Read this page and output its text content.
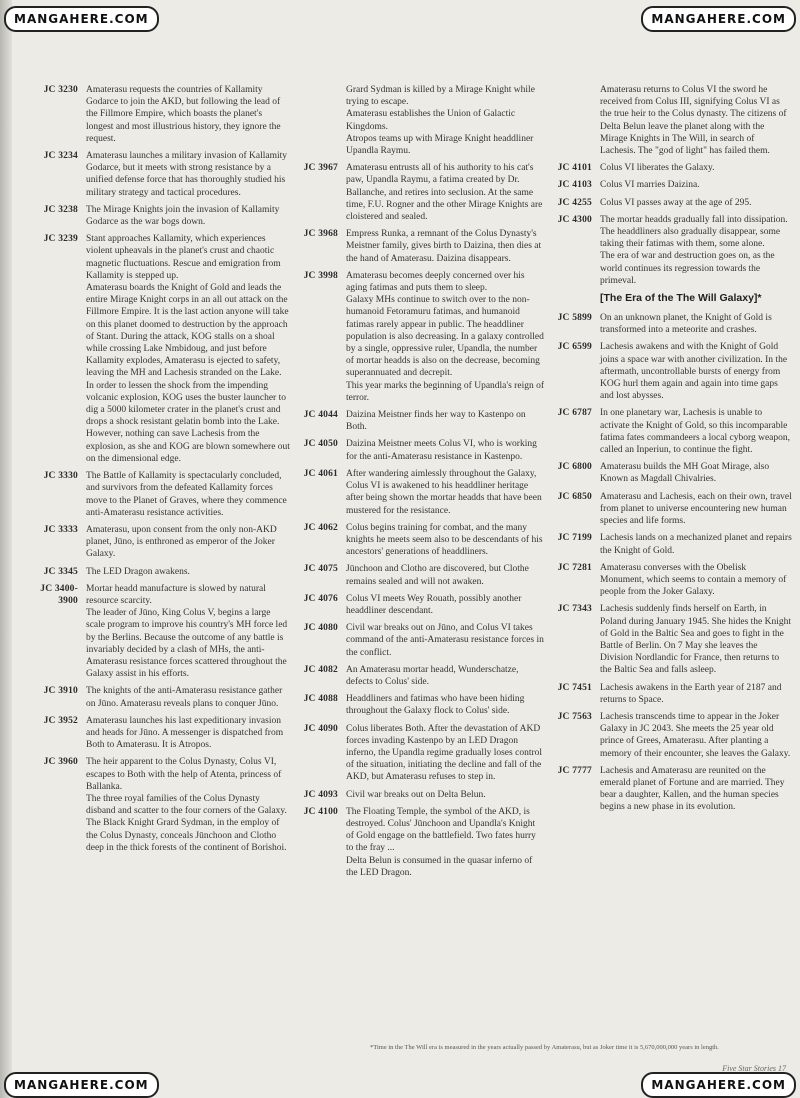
MANGAHERE.COM	MANGAHERE.COM
MANGAHERE.COM	MANGAHERE.COM
JC 3230 Amaterasu requests the countries of Kallamity Godarce to join the AKD, but following the lead of the Fillmore Empire, which boasts the planet's longest and most illustrious history, they ignore the request.
JC 3234 Amaterasu launches a military invasion of Kallamity Godarce, but it meets with strong resistance by a unified defense force that has thoroughly studied his military strategy and tactical procedures.
JC 3238 The Mirage Knights join the invasion of Kallamity Godarce as the war bogs down.
JC 3239 Stant approaches Kallamity, which experiences violent upheavals in the planet's crust and chaotic magnetic fluctuations. Rescue and emigration from Kallamity is stepped up.
Amaterasu boards the Knight of Gold and leads the entire Mirage Knight corps in an all out attack on the Fillmore Empire. It is the last action anyone will take on this planet doomed to destruction by the approach of Stant. During the attack, KOG stalls on a shoal while crossing Lake Nmbidoug, and just before Kallamity explodes, Amaterasu is ejected to safety, leaving the MH and Lachesis stranded on the Lake. In order to lessen the shock from the impending volcanic explosion, KOG uses the buster launcher to dig a 5000 kilometer crater in the planet's crust and drops a shock resistant gelatin bomb into the Lake. However, nothing can save Lachesis from the explosion, as she and KOG are blown somewhere out on the dimensional edge.
JC 3330 The Battle of Kallamity is spectacularly concluded, and survivors from the defeated Kallamity forces move to the Planet of Graves, where they commence anti-Amaterasu resistance activities.
JC 3333 Amaterasu, upon consent from the only non-AKD planet, Jūno, is enthroned as emperor of the Joker Galaxy.
JC 3345 The LED Dragon awakens.
JC 3400-
3900
Mortar headd manufacture is slowed by natural resource scarcity.
The leader of Jūno, King Colus V, begins a large scale program to improve his country's MH force led by the Berlins. Because the outcome of any battle is invariably decided by a clash of MHs, the anti-Amaterasu resistance forces scattered throughout the Galaxy assist in his efforts.
JC 3910 The knights of the anti-Amaterasu resistance gather on Jūno. Amaterasu reveals plans to conquer Jūno.
JC 3952 Amaterasu launches his last expeditionary invasion and heads for Jūno. A messenger is dispatched from Both to Amaterasu. It is Atropos.
JC 3960 The heir apparent to the Colus Dynasty, Colus VI, escapes to Both with the help of Atenta, princess of Ballanka.
The three royal families of the Colus Dynasty disband and scatter to the four corners of the Galaxy.
The Black Knight Grard Sydman, in the employ of the Colus Dynasty, conceals Jūnchoon and Clotho deep in the thick forests of the continent of Borishoi.
Grard Sydman is killed by a Mirage Knight while trying to escape.
Amaterasu establishes the Union of Galactic Kingdoms.
Atropos teams up with Mirage Knight headdliner Upandla Raymu.
JC 3967 Amaterasu entrusts all of his authority to his cat's paw, Upandla Raymu, a fatima created by Dr. Ballanche, and retires into seclusion. At the same time, F.U. Rogner and the other Mirage Knights are cloistered and sealed.
JC 3968 Empress Runka, a remnant of the Colus Dynasty's Meistner family, gives birth to Daizina, then dies at the hand of Amaterasu. Daizina disappears.
JC 3998 Amaterasu becomes deeply concerned over his aging fatimas and puts them to sleep.
Galaxy MHs continue to switch over to the non-humanoid Fetoramuru fatimas, and humanoid fatimas rarely appear in public. The headdliner population is also decreasing. In a galaxy controlled by a single, oppressive ruler, Upandla, the number of mortar headds is also on the decrease, becoming superannuated and decrepit.
This year marks the beginning of Upandla's reign of terror.
JC 4044 Daizina Meistner finds her way to Kastenpo on Both.
JC 4050 Daizina Meistner meets Colus VI, who is working for the anti-Amaterasu resistance in Kastenpo.
JC 4061 After wandering aimlessly throughout the Galaxy, Colus VI is awakened to his headdliner heritage after being shown the mortar headds that have been mustered for the resistance.
JC 4062 Colus begins training for combat, and the many knights he meets seem also to be descendants of his ancestors' generations of headdliners.
JC 4075 Jūnchoon and Clotho are discovered, but Clothe remains sealed and will not awaken.
JC 4076 Colus VI meets Wey Rouath, possibly another headdliner descendant.
JC 4080 Civil war breaks out on Jūno, and Colus VI takes command of the anti-Amaterasu resistance forces in the conflict.
JC 4082 An Amaterasu mortar headd, Wunderschatze, defects to Colus' side.
JC 4088 Headdliners and fatimas who have been hiding throughout the Galaxy flock to Colus' side.
JC 4090 Colus liberates Both. After the devastation of AKD forces invading Kastenpo by an LED Dragon inferno, the Upandla regime gradually loses control of the situation, initiating the decline and fall of the AKD, but Amaterasu refuses to step in.
JC 4093 Civil war breaks out on Delta Belun.
JC 4100 The Floating Temple, the symbol of the AKD, is destroyed. Colus' Jūnchoon and Upandla's Knight of Gold engage on the battlefield. Two fates hurry to the fray ...
Delta Belun is consumed in the quasar inferno of the LED Dragon.
Amaterasu returns to Colus VI the sword he received from Colus III, signifying Colus VI as the true heir to the Colus dynasty. The citizens of Delta Belun leave the planet along with the Mirage Knights in The Will, in search of Lachesis. The "god of light" has failed them.
JC 4101 Colus VI liberates the Galaxy.
JC 4103 Colus VI marries Daizina.
JC 4255 Colus VI passes away at the age of 295.
JC 4300 The mortar headds gradually fall into dissipation. The headdliners also gradually disappear, some taking their fatimas with them, some alone.
The era of war and destruction goes on, as the world continues its regression towards the primeval.
[The Era of the The Will Galaxy]*
JC 5899 On an unknown planet, the Knight of Gold is transformed into a meteorite and crashes.
JC 6599 Lachesis awakens and with the Knight of Gold joins a space war with another civilization. In the aftermath, uncontrollable bursts of energy from KOG hurl them again and again into time gaps and lost abysses.
JC 6787 In one planetary war, Lachesis is unable to activate the Knight of Gold, so this incomparable fatima fates commandeers a local cyborg weapon, called an Inperiun, to continue the fight.
JC 6800 Amaterasu builds the MH Goat Mirage, also Known as Magdall Chivalries.
JC 6850 Amaterasu and Lachesis, each on their own, travel from planet to universe encountering new human species and life forms.
JC 7199 Lachesis lands on a mechanized planet and repairs the Knight of Gold.
JC 7281 Amaterasu converses with the Obelisk Monument, which seems to contain a memory of people from the Joker Galaxy.
JC 7343 Lachesis suddenly finds herself on Earth, in Poland during January 1945. She hides the Knight of Gold in the Baltic Sea and goes to fight in the Battle of Berlin. On 7 May she leaves the Division Nordlandic for France, then returns to the Baltic Sea and falls asleep.
JC 7451 Lachesis awakens in the Earth year of 2187 and returns to Space.
JC 7563 Lachesis transcends time to appear in the Joker Galaxy in JC 2043. She meets the 25 year old prince of Grees, Amaterasu. After planting a memory of their encounter, she leaves the Galaxy.
JC 7777 Lachesis and Amaterasu are reunited on the emerald planet of Fortune and are married. They bear a daughter, Kallen, and the human species begins a new phase in its evolution.
*Time in the The Will era is measured in the years actually passed by Amaterasu, but as Joker time it is 5,670,000,000 years in length.
Five Star Stories 17
